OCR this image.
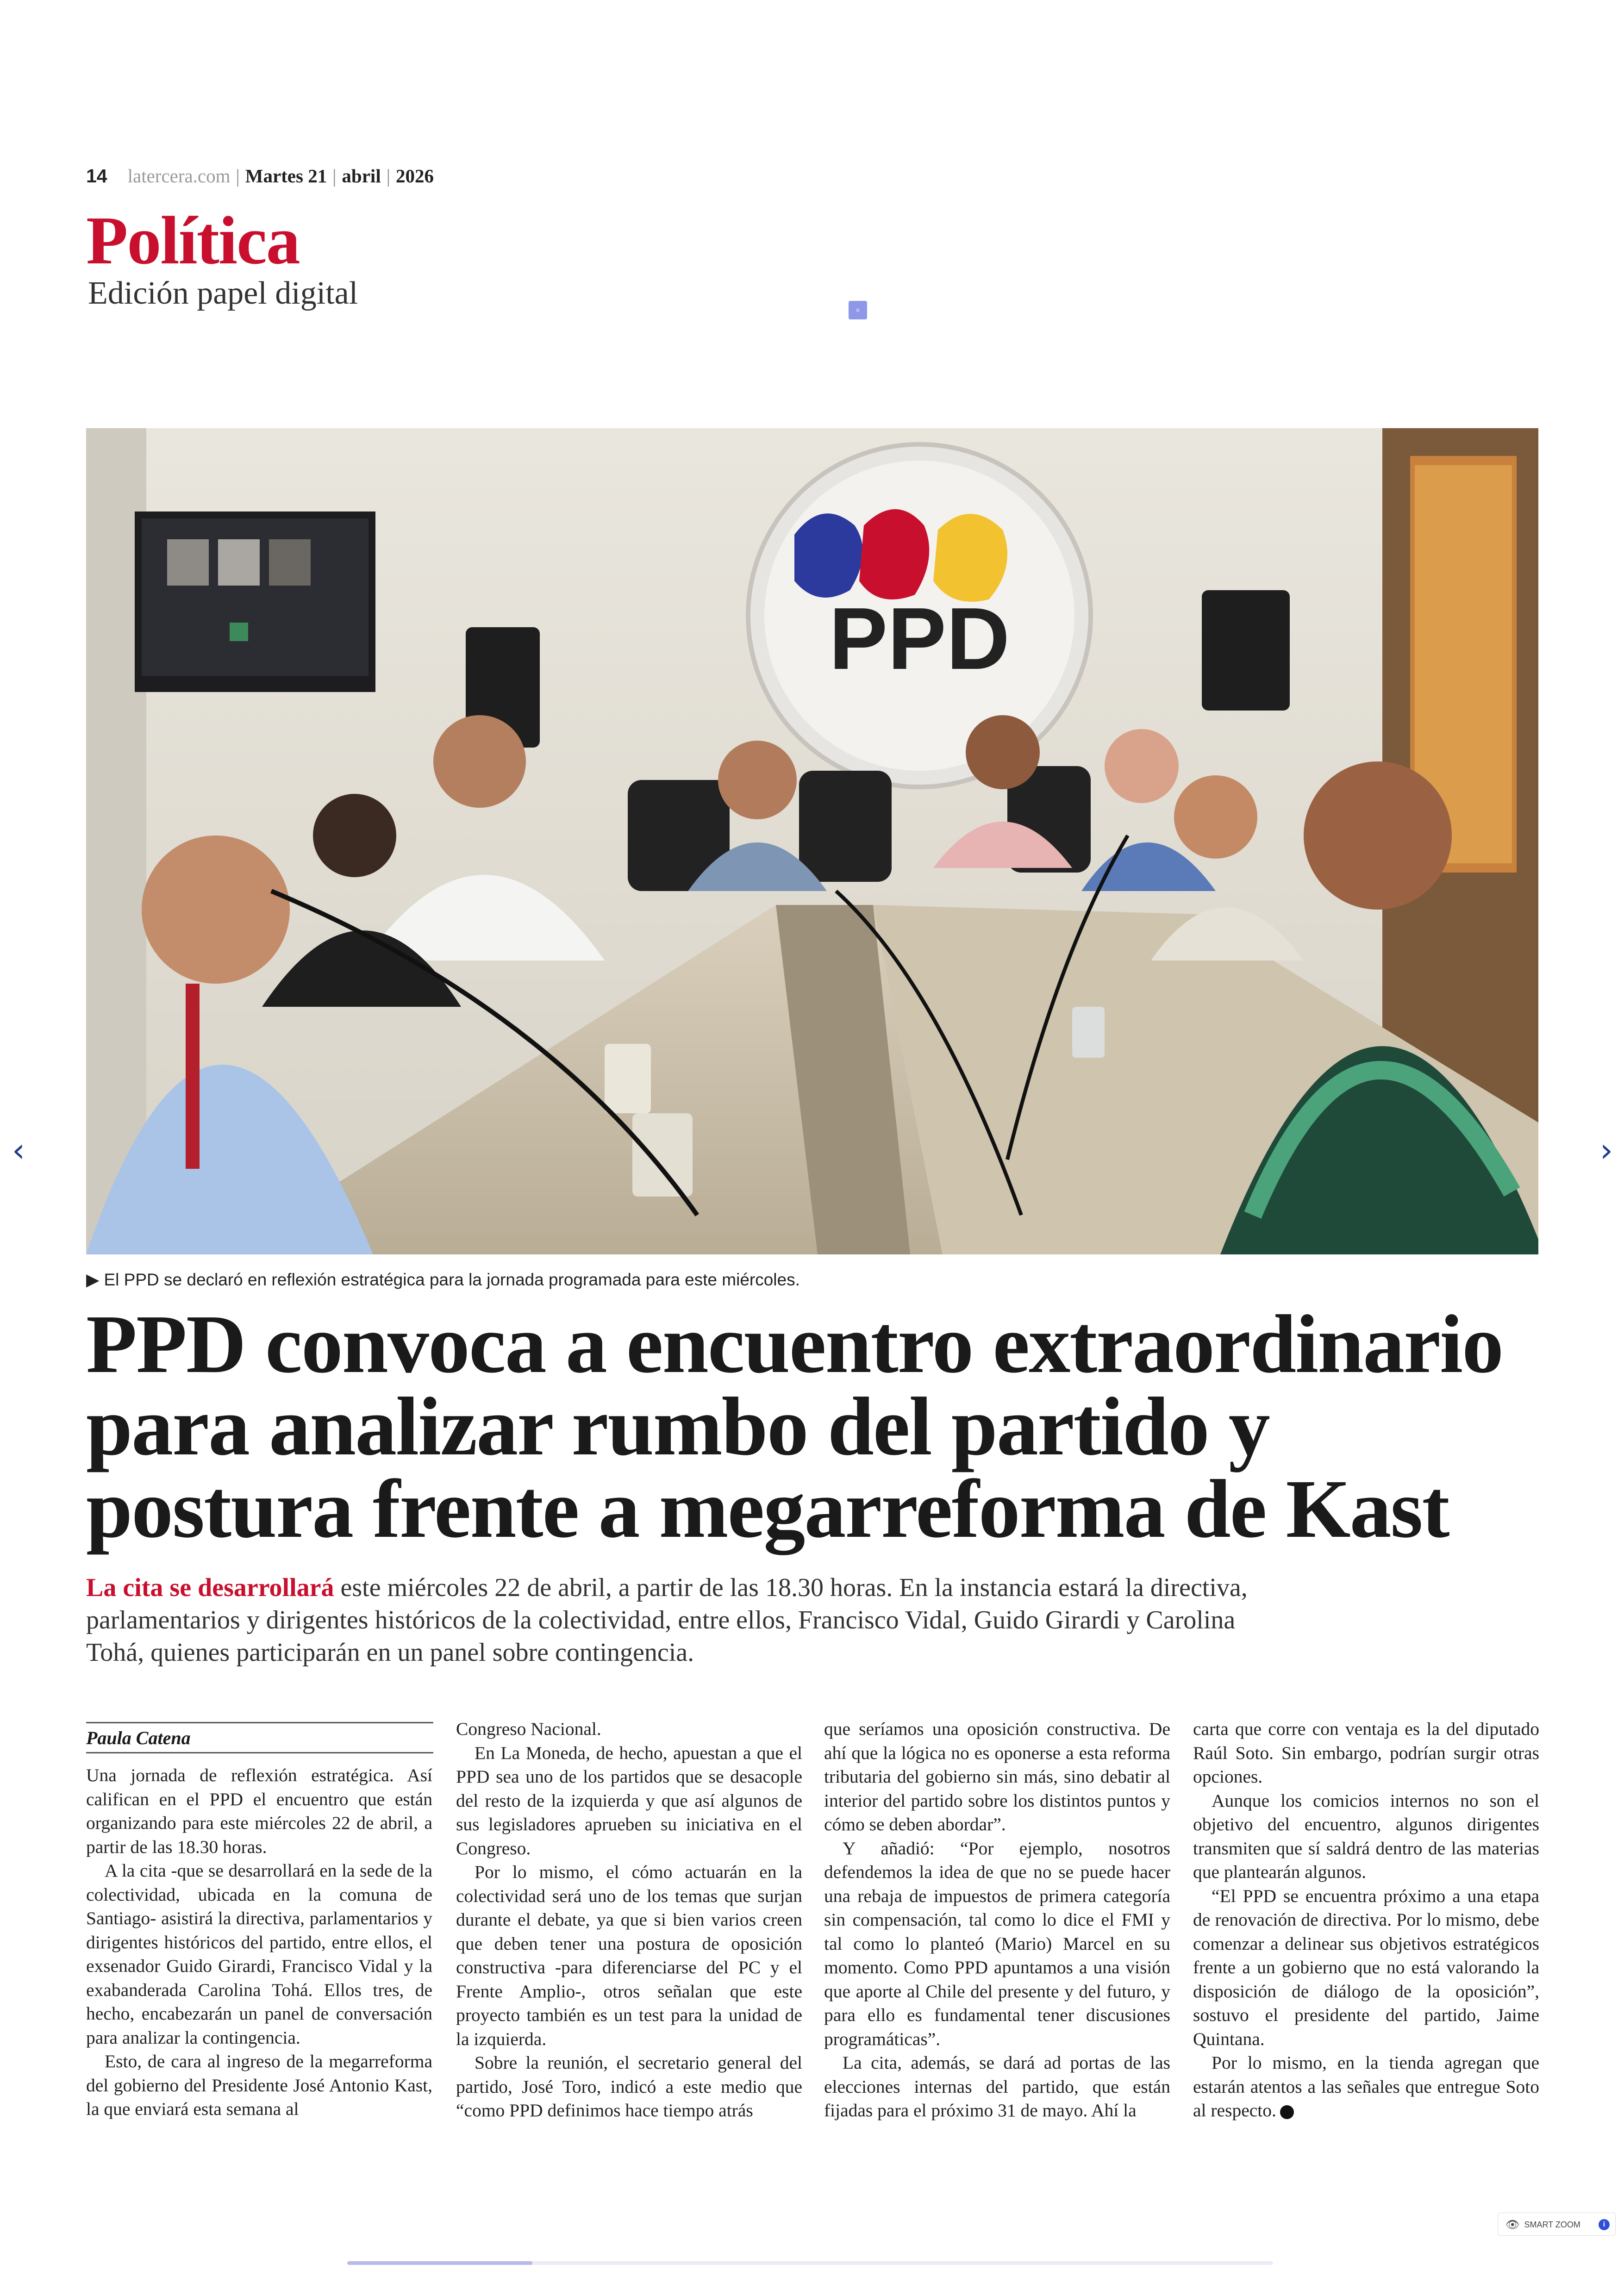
14 latercera.com | Martes 21 | abril | 2026
Política
Edición papel digital	▫
PPD
▶ El PPD se declaró en reflexión estratégica para la jornada programada para este miércoles.
PPD convoca a encuentro extraordinario
para analizar rumbo del partido y
postura frente a megarreforma de Kast
La cita se desarrollará este miércoles 22 de abril, a partir de las 18.30 horas. En la instancia estará la directiva, parlamentarios y dirigentes históricos de la colectividad, entre ellos, Francisco Vidal, Guido Girardi y Carolina Tohá, quienes participarán en un panel sobre contingencia.
Paula Catena

Una jornada de reflexión estratégica. Así califican en el PPD el encuentro que están organizando para este miércoles 22 de abril, a partir de las 18.30 horas.

A la cita -que se desarrollará en la sede de la colectividad, ubicada en la comuna de Santiago- asistirá la directiva, parlamentarios y dirigentes históricos del partido, entre ellos, el exsenador Guido Girardi, Francisco Vidal y la exabanderada Carolina Tohá. Ellos tres, de hecho, encabezarán un panel de conversación para analizar la contingencia.

Esto, de cara al ingreso de la megarreforma del gobierno del Presidente José Antonio Kast, la que enviará esta semana al

Congreso Nacional.

En La Moneda, de hecho, apuestan a que el PPD sea uno de los partidos que se desacople del resto de la izquierda y que así algunos de sus legisladores aprueben su iniciativa en el Congreso.

Por lo mismo, el cómo actuarán en la colectividad será uno de los temas que surjan durante el debate, ya que si bien varios creen que deben tener una postura de oposición constructiva -para diferenciarse del PC y el Frente Amplio-, otros señalan que este proyecto también es un test para la unidad de la izquierda.

Sobre la reunión, el secretario general del partido, José Toro, indicó a este medio que “como PPD definimos hace tiempo atrás

que seríamos una oposición constructiva. De ahí que la lógica no es oponerse a esta reforma tributaria del gobierno sin más, sino debatir al interior del partido sobre los distintos puntos y cómo se deben abordar”.

Y añadió: “Por ejemplo, nosotros defendemos la idea de que no se puede hacer una rebaja de impuestos de primera categoría sin compensación, tal como lo dice el FMI y tal como lo planteó (Mario) Marcel en su momento. Como PPD apuntamos a una visión que aporte al Chile del presente y del futuro, y para ello es fundamental tener discusiones programáticas”.

La cita, además, se dará ad portas de las elecciones internas del partido, que están fijadas para el próximo 31 de mayo. Ahí la

carta que corre con ventaja es la del diputado Raúl Soto. Sin embargo, podrían surgir otras opciones.

Aunque los comicios internos no son el objetivo del encuentro, algunos dirigentes transmiten que sí saldrá dentro de las materias que plantearán algunos.

“El PPD se encuentra próximo a una etapa de renovación de directiva. Por lo mismo, debe comenzar a delinear sus objetivos estratégicos frente a un gobierno que no está valorando la disposición de diálogo de la oposición”, sostuvo el presidente del partido, Jaime Quintana.

Por lo mismo, en la tienda agregan que estarán atentos a las señales que entregue Soto al respecto.

‹	›
👁 SMART ZOOM	i
